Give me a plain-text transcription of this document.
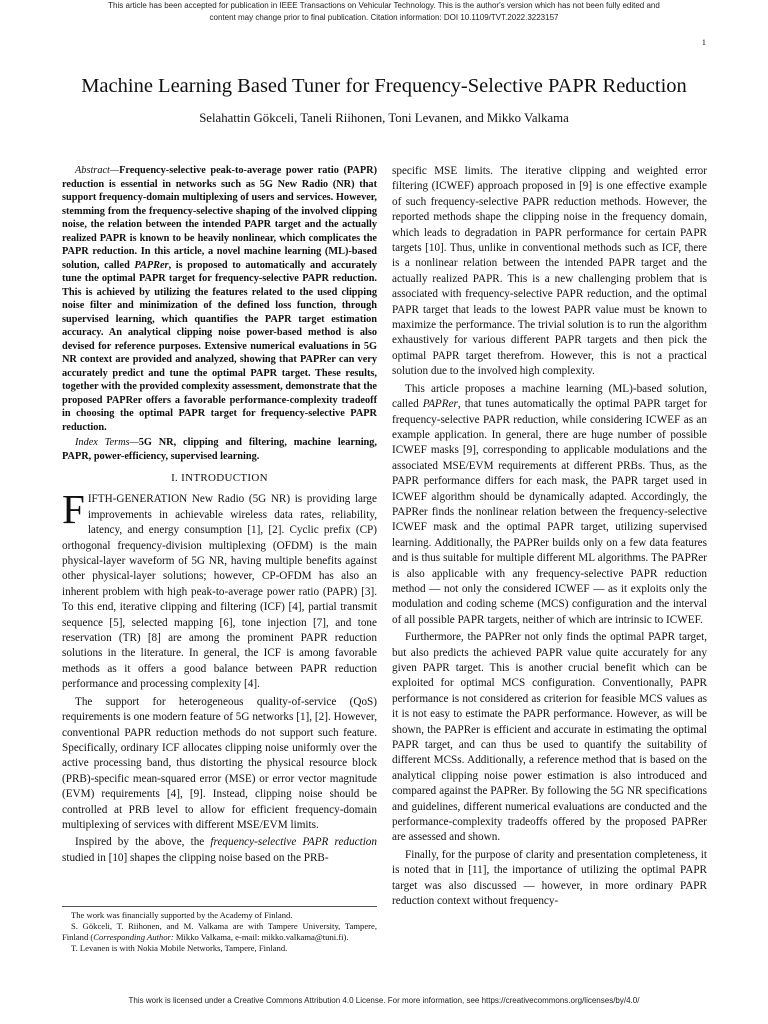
This article has been accepted for publication in IEEE Transactions on Vehicular Technology. This is the author's version which has not been fully edited and
content may change prior to final publication. Citation information: DOI 10.1109/TVT.2022.3223157
1
Machine Learning Based Tuner for Frequency-Selective PAPR Reduction
Selahattin Gökceli, Taneli Riihonen, Toni Levanen, and Mikko Valkama

Abstract—Frequency-selective peak-to-average power ratio (PAPR) reduction is essential in networks such as 5G New Radio (NR) that support frequency-domain multiplexing of users and services. However, stemming from the frequency-selective shaping of the involved clipping noise, the relation between the intended PAPR target and the actually realized PAPR is known to be heavily nonlinear, which complicates the PAPR reduction. In this article, a novel machine learning (ML)-based solution, called PAPRer, is proposed to automatically and accurately tune the optimal PAPR target for frequency-selective PAPR reduction. This is achieved by utilizing the features related to the used clipping noise filter and minimization of the defined loss function, through supervised learning, which quantifies the PAPR target estimation accuracy. An analytical clipping noise power-based method is also devised for reference purposes. Extensive numerical evaluations in 5G NR context are provided and analyzed, showing that PAPRer can very accurately predict and tune the optimal PAPR target. These results, together with the provided complexity assessment, demonstrate that the proposed PAPRer offers a favorable performance-complexity tradeoff in choosing the optimal PAPR target for frequency-selective PAPR reduction.

Index Terms—5G NR, clipping and filtering, machine learning, PAPR, power-efficiency, supervised learning.

I. INTRODUCTION

FIFTH-GENERATION New Radio (5G NR) is providing large improvements in achievable wireless data rates, reliability, latency, and energy consumption [1], [2]. Cyclic prefix (CP) orthogonal frequency-division multiplexing (OFDM) is the main physical-layer waveform of 5G NR, having multiple benefits against other physical-layer solutions; however, CP-OFDM has also an inherent problem with high peak-to-average power ratio (PAPR) [3]. To this end, iterative clipping and filtering (ICF) [4], partial transmit sequence [5], selected mapping [6], tone injection [7], and tone reservation (TR) [8] are among the prominent PAPR reduction solutions in the literature. In general, the ICF is among favorable methods as it offers a good balance between PAPR reduction performance and processing complexity [4].

The support for heterogeneous quality-of-service (QoS) requirements is one modern feature of 5G networks [1], [2]. However, conventional PAPR reduction methods do not support such feature. Specifically, ordinary ICF allocates clipping noise uniformly over the active processing band, thus distorting the physical resource block (PRB)-specific mean-squared error (MSE) or error vector magnitude (EVM) requirements [4], [9]. Instead, clipping noise should be controlled at PRB level to allow for efficient frequency-domain multiplexing of services with different MSE/EVM limits.

Inspired by the above, the frequency-selective PAPR reduction studied in [10] shapes the clipping noise based on the PRB-

specific MSE limits. The iterative clipping and weighted error filtering (ICWEF) approach proposed in [9] is one effective example of such frequency-selective PAPR reduction methods. However, the reported methods shape the clipping noise in the frequency domain, which leads to degradation in PAPR performance for certain PAPR targets [10]. Thus, unlike in conventional methods such as ICF, there is a nonlinear relation between the intended PAPR target and the actually realized PAPR. This is a new challenging problem that is associated with frequency-selective PAPR reduction, and the optimal PAPR target that leads to the lowest PAPR value must be known to maximize the performance. The trivial solution is to run the algorithm exhaustively for various different PAPR targets and then pick the optimal PAPR target therefrom. However, this is not a practical solution due to the involved high complexity.

This article proposes a machine learning (ML)-based solution, called PAPRer, that tunes automatically the optimal PAPR target for frequency-selective PAPR reduction, while considering ICWEF as an example application. In general, there are huge number of possible ICWEF masks [9], corresponding to applicable modulations and the associated MSE/EVM requirements at different PRBs. Thus, as the PAPR performance differs for each mask, the PAPR target used in ICWEF algorithm should be dynamically adapted. Accordingly, the PAPRer finds the nonlinear relation between the frequency-selective ICWEF mask and the optimal PAPR target, utilizing supervised learning. Additionally, the PAPRer builds only on a few data features and is thus suitable for multiple different ML algorithms. The PAPRer is also applicable with any frequency-selective PAPR reduction method — not only the considered ICWEF — as it exploits only the modulation and coding scheme (MCS) configuration and the interval of all possible PAPR targets, neither of which are intrinsic to ICWEF.

Furthermore, the PAPRer not only finds the optimal PAPR target, but also predicts the achieved PAPR value quite accurately for any given PAPR target. This is another crucial benefit which can be exploited for optimal MCS configuration. Conventionally, PAPR performance is not considered as criterion for feasible MCS values as it is not easy to estimate the PAPR performance. However, as will be shown, the PAPRer is efficient and accurate in estimating the optimal PAPR target, and can thus be used to quantify the suitability of different MCSs. Additionally, a reference method that is based on the analytical clipping noise power estimation is also introduced and compared against the PAPRer. By following the 5G NR specifications and guidelines, different numerical evaluations are conducted and the performance-complexity tradeoffs offered by the proposed PAPRer are assessed and shown.

Finally, for the purpose of clarity and presentation completeness, it is noted that in [11], the importance of utilizing the optimal PAPR target was also discussed — however, in more ordinary PAPR reduction context without frequency-

The work was financially supported by the Academy of Finland.

S. Gökceli, T. Riihonen, and M. Valkama are with Tampere University, Tampere, Finland (Corresponding Author: Mikko Valkama, e-mail: mikko.valkama@tuni.fi).

T. Levanen is with Nokia Mobile Networks, Tampere, Finland.

This work is licensed under a Creative Commons Attribution 4.0 License. For more information, see https://creativecommons.org/licenses/by/4.0/
